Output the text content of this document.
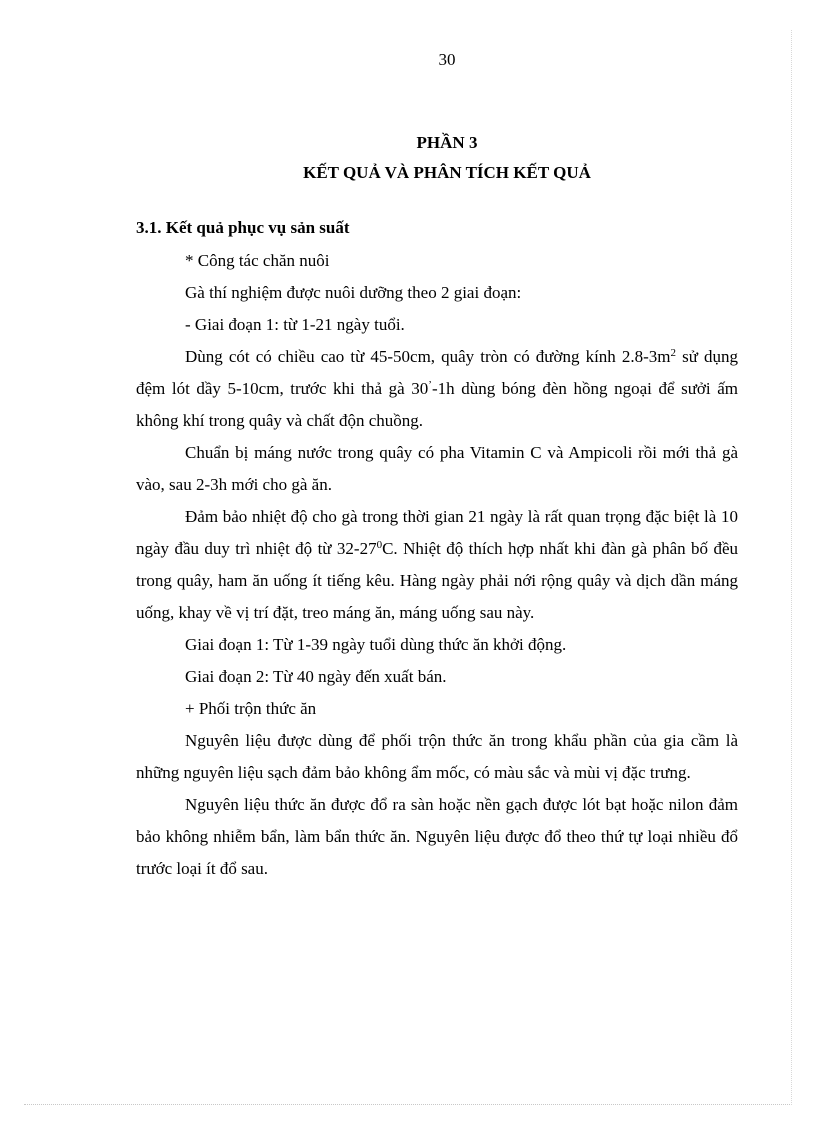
30
PHẦN 3
KẾT QUẢ VÀ PHÂN TÍCH KẾT QUẢ
3.1. Kết quả phục vụ sản suất

* Công tác chăn nuôi

Gà thí nghiệm được nuôi dưỡng theo 2 giai đoạn:

- Giai đoạn 1: từ 1-21 ngày tuổi.

Dùng cót có chiều cao từ 45-50cm, quây tròn có đường kính $2.8-3m^2$ sử dụng đệm lót dầy 5-10cm, trước khi thả gà 30’-1h dùng bóng đèn hồng ngoại để sưởi ấm không khí trong quây và chất độn chuồng.

Chuẩn bị máng nước trong quây có pha Vitamin C và Ampicoli rồi mới thả gà vào, sau 2-3h mới cho gà ăn.

Đảm bảo nhiệt độ cho gà trong thời gian 21 ngày là rất quan trọng đặc biệt là 10 ngày đầu duy trì nhiệt độ từ $32-27^0C$. Nhiệt độ thích hợp nhất khi đàn gà phân bố đều trong quây, ham ăn uống ít tiếng kêu. Hàng ngày phải nới rộng quây và dịch dần máng uống, khay về vị trí đặt, treo máng ăn, máng uống sau này.

Giai đoạn 1: Từ 1-39 ngày tuổi dùng thức ăn khởi động.

Giai đoạn 2: Từ 40 ngày đến xuất bán.

+ Phối trộn thức ăn

Nguyên liệu được dùng để phối trộn thức ăn trong khẩu phần của gia cầm là những nguyên liệu sạch đảm bảo không ẩm mốc, có màu sắc và mùi vị đặc trưng.

Nguyên liệu thức ăn được đổ ra sàn hoặc nền gạch được lót bạt hoặc nilon đảm bảo không nhiễm bẩn, làm bẩn thức ăn. Nguyên liệu được đổ theo thứ tự loại nhiều đổ trước loại ít đổ sau.
